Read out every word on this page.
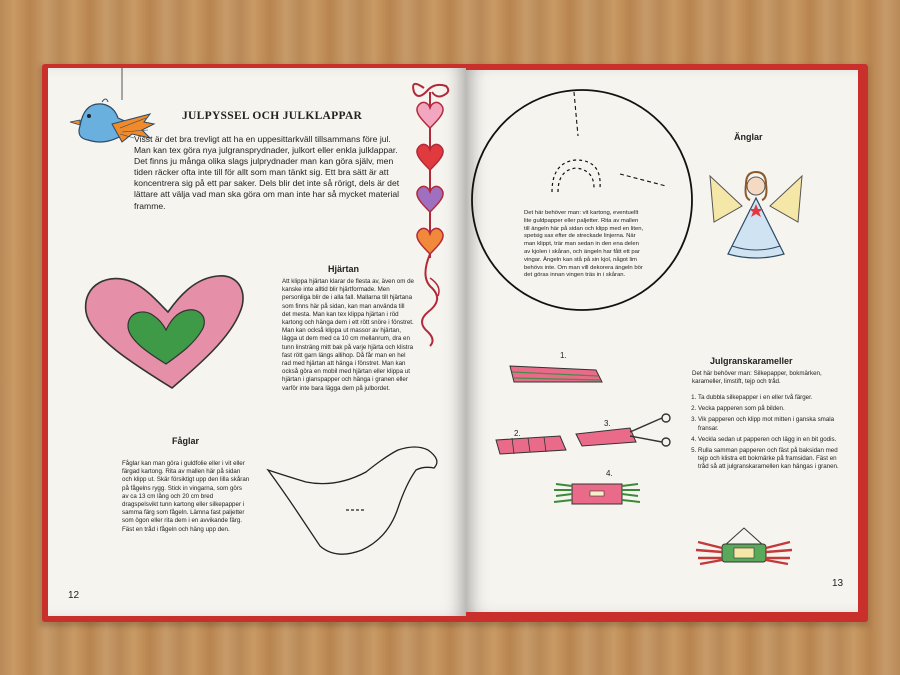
JULPYSSEL OCH JULKLAPPAR
Visst är det bra trevligt att ha en uppesittarkväll tillsammans före jul. Man kan tex göra nya julgransprydnader, julkort eller enkla julklappar. Det finns ju många olika slags julprydnader man kan göra själv, men tiden räcker ofta inte till för allt som man tänkt sig. Ett bra sätt är att koncentrera sig på ett par saker. Dels blir det inte så rörigt, dels är det lättare att välja vad man ska göra om man inte har så mycket material framme.
Hjärtan
Att klippa hjärtan klarar de flesta av, även om de kanske inte alltid blir hjärtformade. Men personliga blir de i alla fall. Mallarna till hjärtana som finns här på sidan, kan man använda till det mesta. Man kan tex klippa hjärtan i röd kartong och hänga dem i ett rött snöre i fönstret. Man kan också klippa ut massor av hjärtan, lägga ut dem med ca 10 cm mellanrum, dra en tunn linsträng mitt bak på varje hjärta och klistra fast rött garn längs allihop. Då får man en hel rad med hjärtan att hänga i fönstret. Man kan också göra en mobil med hjärtan eller klippa ut hjärtan i glanspapper och hänga i granen eller varför inte bara lägga dem på julbordet.
Fåglar
Fåglar kan man göra i guldfolie eller i vit eller färgad kartong. Rita av mallen här på sidan och klipp ut. Skär försiktigt upp den lilla skåran på fågelns rygg. Stick in vingarna, som görs av ca 13 cm lång och 20 cm bred dragspelsvikt tunn kartong eller silkepapper i samma färg som fågeln. Lämna fast paljetter som ögon eller rita dem i en avvikande färg. Fäst en tråd i fågeln och häng upp den.
12
Det här behöver man: vit kartong, eventuellt lite guldpapper eller paljetter. Rita av mallen till ängeln här på sidan och klipp med en liten, spetsig sax efter de streckade linjerna. När man klippt, trär man sedan in den ena delen av kjolen i skåran, och ängeln har fått ett par vingar. Ängeln kan stå på sin kjol, något lim behövs inte. Om man vill dekorera ängeln bör det göras innan vingen träs in i skåran.
Änglar
1.
2.
3.
4.
Julgranskarameller
Det här behöver man: Silkepapper, bokmärken, karameller, limstift, tejp och tråd.
1. Ta dubbla silkepapper i en eller två färger.
2. Vecka papperen som på bilden.
3. Vik papperen och klipp mot mitten i ganska smala fransar.
4. Veckla sedan ut papperen och lägg in en bit godis.
5. Rulla samman papperen och fäst på baksidan med tejp och klistra ett bokmärke på framsidan. Fäst en tråd så att julgranskaramellen kan hängas i granen.
13
